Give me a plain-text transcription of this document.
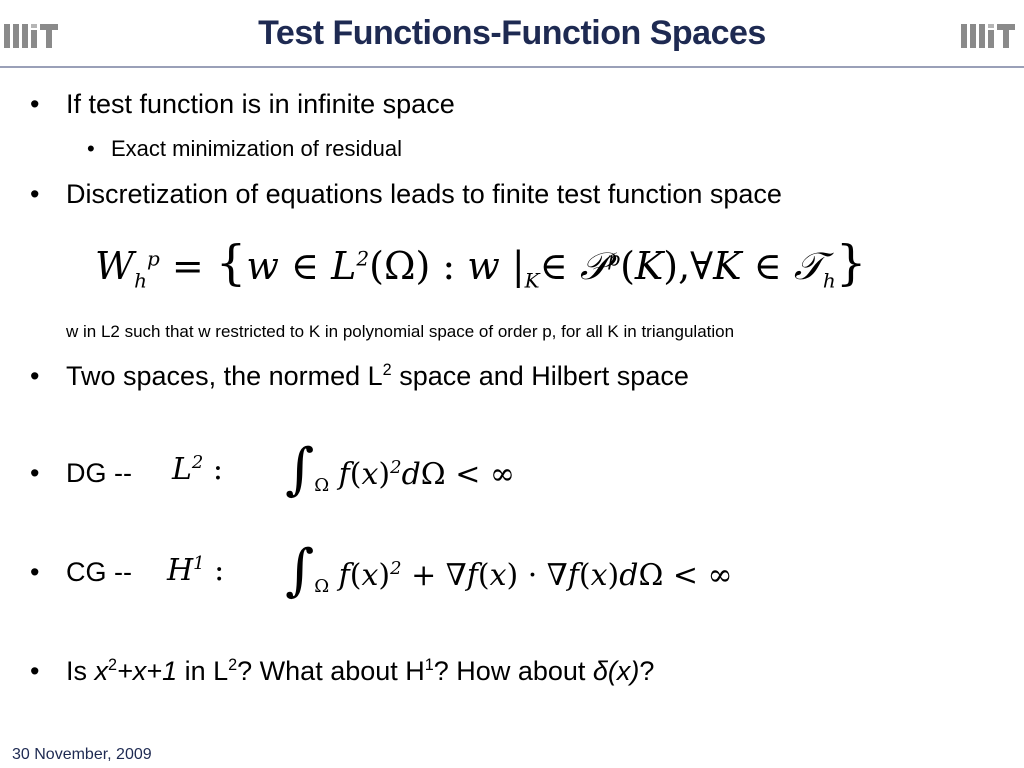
Test Functions-Function Spaces
• If test function is in infinite space
• Exact minimization of residual
• Discretization of equations leads to finite test function space
$W_h^p = \{w$ ∈ $L^2(\Omega)$ : w $|_K\in$ 𝒫$^p$(K),∀K ∈ 𝒯$_h$}
w in L2 such that w restricted to K in polynomial space of order p, for all K in triangulation
• Two spaces, the normed $L^2$ space and Hilbert space
• DG -- $L^2$ : $\int_\Omega$ $f(x)^2d\Omega$ < ∞
• CG -- $H^1$ : $\int_\Omega$ $f(x)^2 + \nabla f(x) \cdot \nabla f(x)d\Omega$ < ∞
• Is $x^2+x+1$ in $L^2$? What about $H^1$? How about δ(x)?
30 November, 2009
